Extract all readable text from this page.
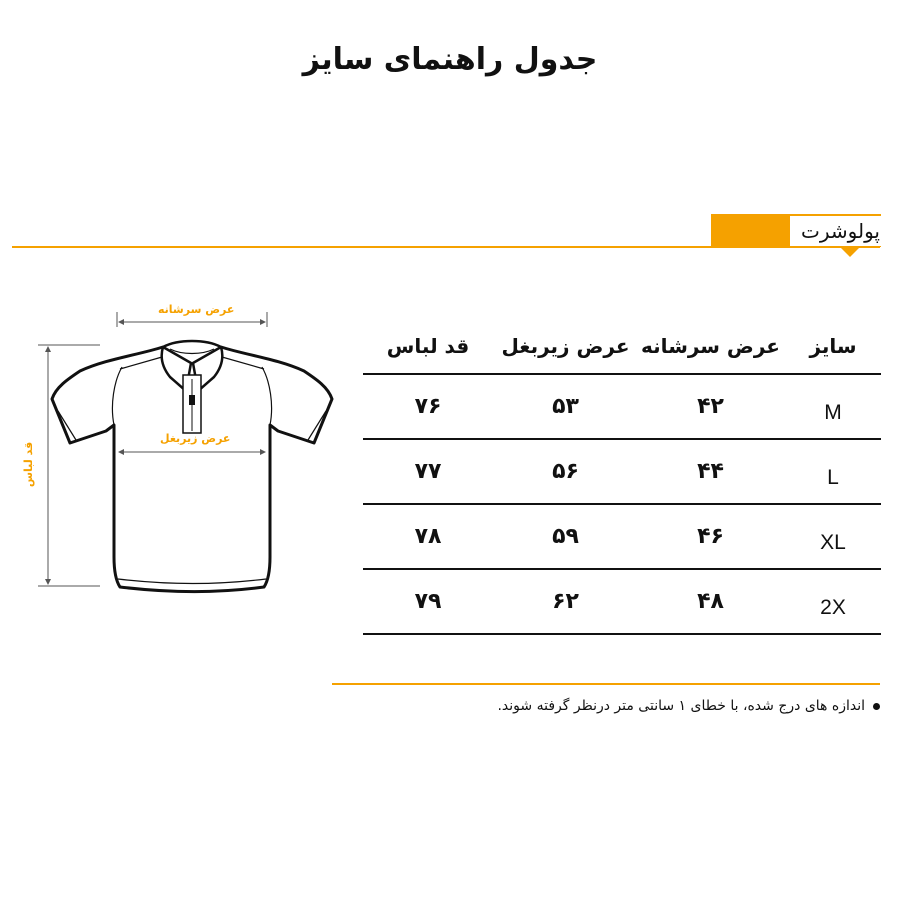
جدول راهنمای سایز
پولوشرت
عرض سرشانه
عرض زیربغل
قد لباس
سایز
عرض سرشانه
عرض زیربغل
قد لباس
M
۴۲
۵۳
۷۶
L
۴۴
۵۶
۷۷
XL
۴۶
۵۹
۷۸
2X
۴۸
۶۲
۷۹
اندازه های درج شده، با خطای ۱ سانتی متر درنظر گرفته شوند.
